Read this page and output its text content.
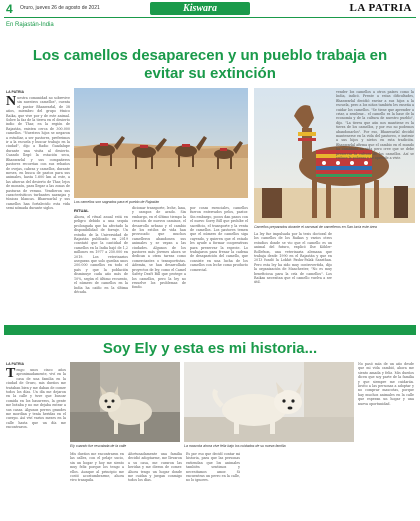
4 Oruro, jueves 26 de agosto de 2021	Kiswara	LA PATRIA
En Rajastán-India
Los camellos desaparecen y un pueblo trabaja en evitar su extinción
LA PATRIA
N uestra comunidad no sobrevive sin nuestros camellos", cuenta el pastor Bhanwarlal, de 38 años, miembro del grupo étnico Raika, que vive por y de este animal. Sobre la faz de la tierra en el desierto indio de Thar, en la región de Rajastán, existen cerca de 300.000 camellos. "Nuestros hijos se negaron a estudiar, a ser pastores, preferimos ir a la escuela y buscar trabajo en la ciudad", dijo a Radio Guadalupe durante una visita al desierto. Cuando llegó la estación seca, Bhanwarlal y sus compañeros pastores recorrían con sus rebaños de ovejas, cabras y camellos, durante meses, en busca de pastos para sus animales, hasta 1.600 km al este, a las afueras del desierto de Thar, lejos de monzón, para llegar a las zonas de pasturas de verano. Vendieron sus caracterísiticos turbantes naranjas y túnicas blancas. Bhanwarlal y sus camellos han fortalecido esta vida semi nómada durante siglos.
Los camellos son sagrados para el pueblo de Rajastán
Camellos preparados durante el carnaval de camelleros en San lucía este área
RITUAL
Ahora, el ritual anual está en peligro debido a una sequía prolongada que ha afectado la disponibilidad de forraje. Un estudio de la Universidad de Rajastán publicado en 2019 constató que la cantidad de camellos en la India bajó de 1,2 millones en 1977 a 250.000 en 2019. Los veterinarios aseguran que solo quedan unos 200.000 camellos en todo el país y que la población disminuye cada año más de 10%, según el último recuento, el número de camellos en la India ha caído en la última década.
dicionar transporte, leche, lana, y campos de arado. Sin embargo, en el último tiempo la creación de nuevos caminos, el desarrollo urbano y el cambio de los estilos de vida han provocado que muchos camelleros abandonen sus animales y se vayan a las ciudades. Algunos de los pastores más jóvenes ahora se dedican a otras tareas como comerciantes o transportistas. Además, se han desarrollado proyectos de ley, como el Camel Safety Draft Bill que protege a los camellos, pero la ley no resuelve los problemas de fondo.
por cosas esenciales, camellos fueron enterrados pelos, pastor. Sin embargo, pocos dan pasos con el nuevo Sorry Bill que prohíbe el sacrificio, el transporte y la venta de camellos. Los pastores temen que el número de camellos siga cayendo, y quieren que el estado les ayude a formar cooperativas para preservar la especie. Lo trabajaron para frenar la cadena de desaparición del camello, que consiste en una lucha de los camellos con leche como producto comercial.
La ley fue impulsada por la tesis doctoral de los camellos de los Raikas y varios otros estudios donde se vio que el camello es un animal del futuro, explicó Ilse Köhler-Rollefson, una veterinaria alemana que trabaja desde 1990 en el Rajastán y que en 2013 fundó la Lokhit Pashu-Palak Sansthan. Pero esta ley ha sido muy controvertida, dijo la organización de Manchester, "No es muy beneficiosa para la cría de camellos". Los Raikas necesitan que el camello vuelva a ser útil.
vender los camellos a otros países como la India, indicó. Frente a estas dificultades, Bhanwarlal decidió enviar a sus hijos a la escuela, pero a los niños también les enseña a cuidar los camellos. "Se tiene que aprender a criar, a sembrar... el camello es la base de la economía y de la cultura de nuestro pueblo", dijo. "La tierra que aún nos mantiene es la tierra de los camellos, y por eso no podemos abandonarlos". Por eso, Bhanwarlal decidió mantenerse en la vida del pastoreo, e instruir a sus hijos y nietos en esta tradición. Bhanwarlal afirma que el cambio en el mundo ha cambiado su vida pero cree que se debe preservar la cultura de los camellos. Así se reduce la pobreza y se aprende a vivir.
HISTORIAS DE ANIMALES... HISTORIAS DE ANIMALES... HISTORIAS DE ANIMALES... HISTORIAS DE ANIMALES...
Soy Ely y esta es mi historia...
LA PATRIA
T engo unos cinco años aproximadamente, viví en la casa de una familia en la ciudad de Oruro, mis dueños me trataban bien y me daban de comer todos los días. Un día me dejaron en la calle y tuve que buscar comida en los basureros, la gente me botaba y no me dejaba entrar a sus casas. Algunos perros grandes me mordían y tenía heridas en el cuerpo. Así viví varios meses en la calle hasta que un día me encontraron.
Ely cuando fue rescatada de la calle	La mascota ahora vive feliz bajo los cuidados de su nueva familia
Mis dueños me encontraron en las calles, con el pelaje sucio, sin un hogar y hoy me siento muy feliz porque los tengo a ellos. Aunque al principio me costó acostumbrarme, ahora vivo tranquila.
Afortunadamente una familia decidió adoptarme, me llevaron a su casa, me curaron las heridas y me dieron de comer. Ahora tengo un hogar donde me cuidan y juegan conmigo todos los días.
Es por eso que decidí contar mi historia, para que las personas entiendan que los animales también sentimos y necesitamos amor. Si encuentras un perro en la calle, no lo ignores.
No pasó más de un año desde que mi vida cambió, ahora me siento amada y feliz. Mis dueños dicen que soy parte de la familia y que siempre me cuidarán. Invito a las personas a adoptar y no comprar mascotas, porque hay muchos animales en la calle que esperan un hogar y una nueva oportunidad.
